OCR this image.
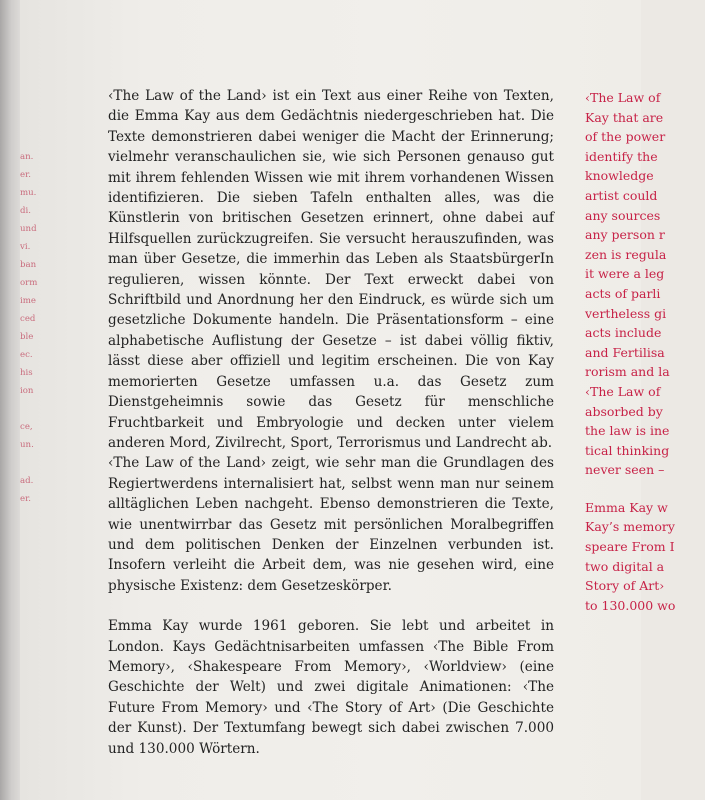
an.
er.
mu.
di.
und
vi.
ban
orm
ime
ced
ble
ec.
his
ion

ce,
un.

ad.
er.

‹The Law of the Land› ist ein Text aus einer Reihe von Texten, die Emma Kay aus dem Gedächtnis niedergeschrieben hat. Die Texte demonstrieren dabei weniger die Macht der Erinnerung; vielmehr veranschaulichen sie, wie sich Personen genauso gut mit ihrem fehlenden Wissen wie mit ihrem vorhandenen Wissen identifizieren. Die sieben Tafeln enthalten alles, was die Künstlerin von britischen Gesetzen erinnert, ohne dabei auf Hilfsquellen zurückzugreifen. Sie versucht herauszufinden, was man über Gesetze, die immerhin das Leben als StaatsbürgerIn regulieren, wissen könnte. Der Text erweckt dabei von Schriftbild und Anordnung her den Eindruck, es würde sich um gesetzliche Dokumente handeln. Die Präsentationsform – eine alphabetische Auflistung der Gesetze – ist dabei völlig fiktiv, lässt diese aber offiziell und legitim erscheinen. Die von Kay memorierten Gesetze umfassen u.a. das Gesetz zum Dienstgeheimnis sowie das Gesetz für menschliche Fruchtbarkeit und Embryologie und decken unter vielem anderen Mord, Zivilrecht, Sport, Terrorismus und Landrecht ab.

‹The Law of the Land› zeigt, wie sehr man die Grundlagen des Regiertwerdens internalisiert hat, selbst wenn man nur seinem alltäglichen Leben nachgeht. Ebenso demonstrieren die Texte, wie unentwirrbar das Gesetz mit persönlichen Moralbegriffen und dem politischen Denken der Einzelnen verbunden ist. Insofern verleiht die Arbeit dem, was nie gesehen wird, eine physische Existenz: dem Gesetzeskörper.

Emma Kay wurde 1961 geboren. Sie lebt und arbeitet in London. Kays Gedächtnisarbeiten umfassen ‹The Bible From Memory›, ‹Shakespeare From Memory›, ‹Worldview› (eine Geschichte der Welt) und zwei digitale Animationen: ‹The Future From Memory› und ‹The Story of Art› (Die Geschichte der Kunst). Der Textumfang bewegt sich dabei zwischen 7.000 und 130.000 Wörtern.

‹The Law of
Kay that are
of the power
identify the
knowledge
artist could
any sources
any person r
zen is regula
it were a leg
acts of parli
vertheless gi
acts include
and Fertilisa
rorism and la
‹The Law of
absorbed by
the law is ine
tical thinking
never seen –
Emma Kay w
Kay’s memory
speare From I
two digital a
Story of Art›
to 130.000 wo
